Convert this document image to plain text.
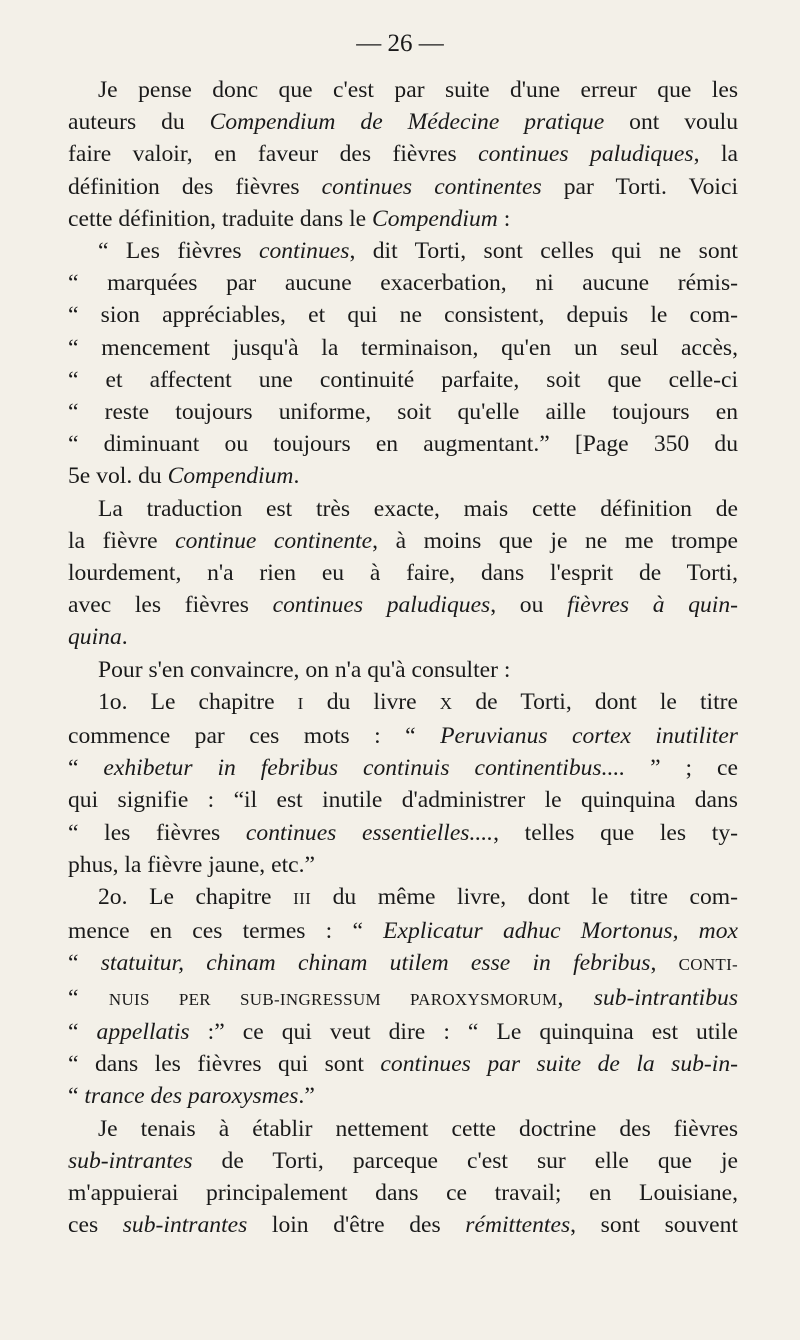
— 26 —
Je pense donc que c'est par suite d'une erreur que les
auteurs du Compendium de Médecine pratique ont voulu
faire valoir, en faveur des fièvres continues paludiques, la
définition des fièvres continues continentes par Torti. Voici
cette définition, traduite dans le Compendium :
“ Les fièvres continues, dit Torti, sont celles qui ne sont
“ marquées par aucune exacerbation, ni aucune rémis-
“ sion appréciables, et qui ne consistent, depuis le com-
“ mencement jusqu'à la terminaison, qu'en un seul accès,
“ et affectent une continuité parfaite, soit que celle-ci
“ reste toujours uniforme, soit qu'elle aille toujours en
“ diminuant ou toujours en augmentant.” [Page 350 du
5e vol. du Compendium.
La traduction est très exacte, mais cette définition de
la fièvre continue continente, à moins que je ne me trompe
lourdement, n'a rien eu à faire, dans l'esprit de Torti,
avec les fièvres continues paludiques, ou fièvres à quin-
quina.
Pour s'en convaincre, on n'a qu'à consulter :
1o. Le chapitre I du livre X de Torti, dont le titre
commence par ces mots : “ Peruvianus cortex inutiliter
“ exhibetur in febribus continuis continentibus.... ” ; ce
qui signifie : “il est inutile d'administrer le quinquina dans
“ les fièvres continues essentielles...., telles que les ty-
phus, la fièvre jaune, etc.”
2o. Le chapitre III du même livre, dont le titre com-
mence en ces termes : “ Explicatur adhuc Mortonus, mox
“ statuitur, chinam chinam utilem esse in febribus, CONTI-
“ NUIS PER SUB-INGRESSUM PAROXYSMORUM, sub-intrantibus
“ appellatis :” ce qui veut dire : “ Le quinquina est utile
“ dans les fièvres qui sont continues par suite de la sub-in-
“ trance des paroxysmes.”
Je tenais à établir nettement cette doctrine des fièvres
sub-intrantes de Torti, parceque c'est sur elle que je
m'appuierai principalement dans ce travail; en Louisiane,
ces sub-intrantes loin d'être des rémittentes, sont souvent
